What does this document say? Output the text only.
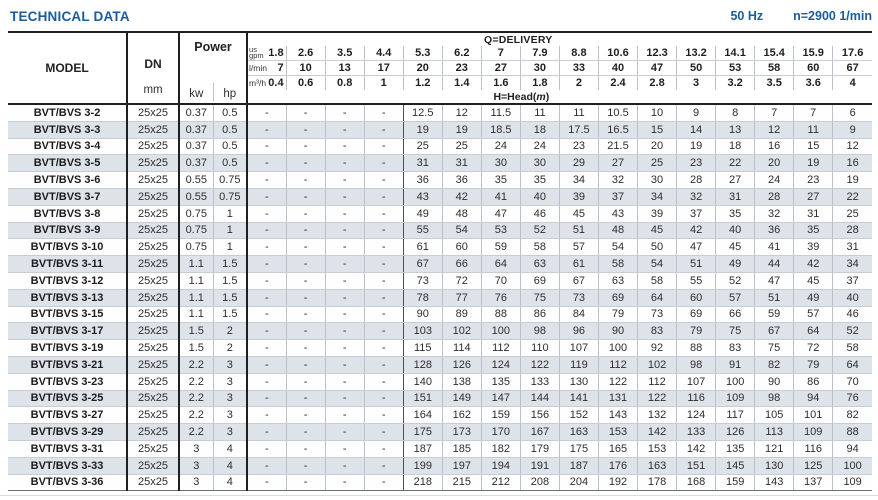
TECHNICAL DATA	50 Hz n=2900 1/min
MODEL	DN
mm

Power
kw	hp

Q=DELIVERY

				us
gpm 1.8	2.6	3.5	4.4	5.3	6.2	7	7.9	8.8	10.6	12.3	13.2	14.1	15.4	15.9	17.6

				l/min 7	10	13	17	20	23	27	30	33	40	47	50	53	58	60	67

				m³/h 0.4	0.6	0.8	1	1.2	1.4	1.6	1.8	2	2.4	2.8	3	3.2	3.5	3.6	4

				H=Head(m)															

BVT/BVS 3-2	25x25	0.37	0.5	-	-	-	-	12.5	12	11.5	11	11	10.5	10	9	8	7	7	6
BVT/BVS 3-3	25x25	0.37	0.5	-	-	-	-	19	19	18.5	18	17.5	16.5	15	14	13	12	11	9
BVT/BVS 3-4	25x25	0.37	0.5	-	-	-	-	25	25	24	24	23	21.5	20	19	18	16	15	12
BVT/BVS 3-5	25x25	0.37	0.5	-	-	-	-	31	31	30	30	29	27	25	23	22	20	19	16
BVT/BVS 3-6	25x25	0.55	0.75	-	-	-	-	36	36	35	35	34	32	30	28	27	24	23	19
BVT/BVS 3-7	25x25	0.55	0.75	-	-	-	-	43	42	41	40	39	37	34	32	31	28	27	22
BVT/BVS 3-8	25x25	0.75	1	-	-	-	-	49	48	47	46	45	43	39	37	35	32	31	25
BVT/BVS 3-9	25x25	0.75	1	-	-	-	-	55	54	53	52	51	48	45	42	40	36	35	28
BVT/BVS 3-10	25x25	0.75	1	-	-	-	-	61	60	59	58	57	54	50	47	45	41	39	31
BVT/BVS 3-11	25x25	1.1	1.5	-	-	-	-	67	66	64	63	61	58	54	51	49	44	42	34
BVT/BVS 3-12	25x25	1.1	1.5	-	-	-	-	73	72	70	69	67	63	58	55	52	47	45	37
BVT/BVS 3-13	25x25	1.1	1.5	-	-	-	-	78	77	76	75	73	69	64	60	57	51	49	40
BVT/BVS 3-15	25x25	1.1	1.5	-	-	-	-	90	89	88	86	84	79	73	69	66	59	57	46
BVT/BVS 3-17	25x25	1.5	2	-	-	-	-	103	102	100	98	96	90	83	79	75	67	64	52
BVT/BVS 3-19	25x25	1.5	2	-	-	-	-	115	114	112	110	107	100	92	88	83	75	72	58
BVT/BVS 3-21	25x25	2.2	3	-	-	-	-	128	126	124	122	119	112	102	98	91	82	79	64
BVT/BVS 3-23	25x25	2.2	3	-	-	-	-	140	138	135	133	130	122	112	107	100	90	86	70
BVT/BVS 3-25	25x25	2.2	3	-	-	-	-	151	149	147	144	141	131	122	116	109	98	94	76
BVT/BVS 3-27	25x25	2.2	3	-	-	-	-	164	162	159	156	152	143	132	124	117	105	101	82
BVT/BVS 3-29	25x25	2.2	3	-	-	-	-	175	173	170	167	163	153	142	133	126	113	109	88
BVT/BVS 3-31	25x25	3	4	-	-	-	-	187	185	182	179	175	165	153	142	135	121	116	94
BVT/BVS 3-33	25x25	3	4	-	-	-	-	199	197	194	191	187	176	163	151	145	130	125	100
BVT/BVS 3-36	25x25	3	4	-	-	-	-	218	215	212	208	204	192	178	168	159	143	137	109
